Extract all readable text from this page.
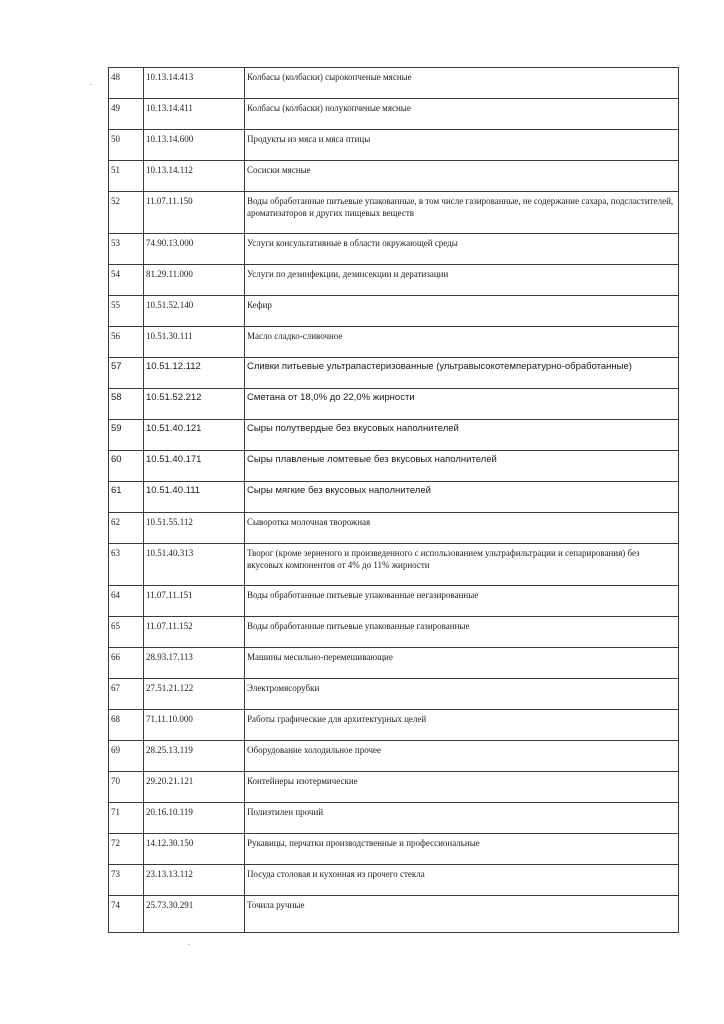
48	10.13.14.413	Колбасы (колбаски) сырокопченые мясные
49	10.13.14.411	Колбасы (колбаски) полукопченые мясные
50	10.13.14.600	Продукты из мяса и мяса птицы
51	10.13.14.112	Сосиски мясные
52	11.07.11.150	Воды обработанные питьевые упакованные, в том числе газированные, не содержание сахара, подсластителей, ароматизаторов и других пищевых веществ
53	74.90.13.000	Услуги консультативные в области окружающей среды
54	81.29.11.000	Услуги по дезинфекции, дезинсекции и дератизации
55	10.51.52.140	Кефир
56	10.51.30.111	Масло сладко-сливочное
57	10.51.12.112	Сливки питьевые ультрапастеризованные (ультравысокотемпературно-обработанные)
58	10.51.52.212	Сметана от 18,0% до 22,0% жирности
59	10.51.40.121	Сыры полутвердые без вкусовых наполнителей
60	10.51.40.171	Сыры плавленые ломтевые без вкусовых наполнителей
61	10.51.40.111	Сыры мягкие без вкусовых наполнителей
62	10.51.55.112	Сыворотка молочная творожная
63	10.51.40.313	Творог (кроме зерненого и произведенного с использованием ультрафильтрации и сепарирования) без вкусовых компонентов от 4% до 11% жирности
64	11.07.11.151	Воды обработанные питьевые упакованные негазированные
65	11.07.11.152	Воды обработанные питьевые упакованные газированные
66	28.93.17.113	Машины месильно-перемешивающие
67	27.51.21.122	Электромясорубки
68	71.11.10.000	Работы графические для архитектурных целей
69	28.25.13.119	Оборудование холодильное прочее
70	29.20.21.121	Контейнеры изотермические
71	20.16.10.119	Полиэтилен прочий
72	14.12.30.150	Рукавицы, перчатки производственные и профессиональные
73	23.13.13.112	Посуда столовая и кухонная из прочего стекла
74	25.73.30.291	Точила ручные
